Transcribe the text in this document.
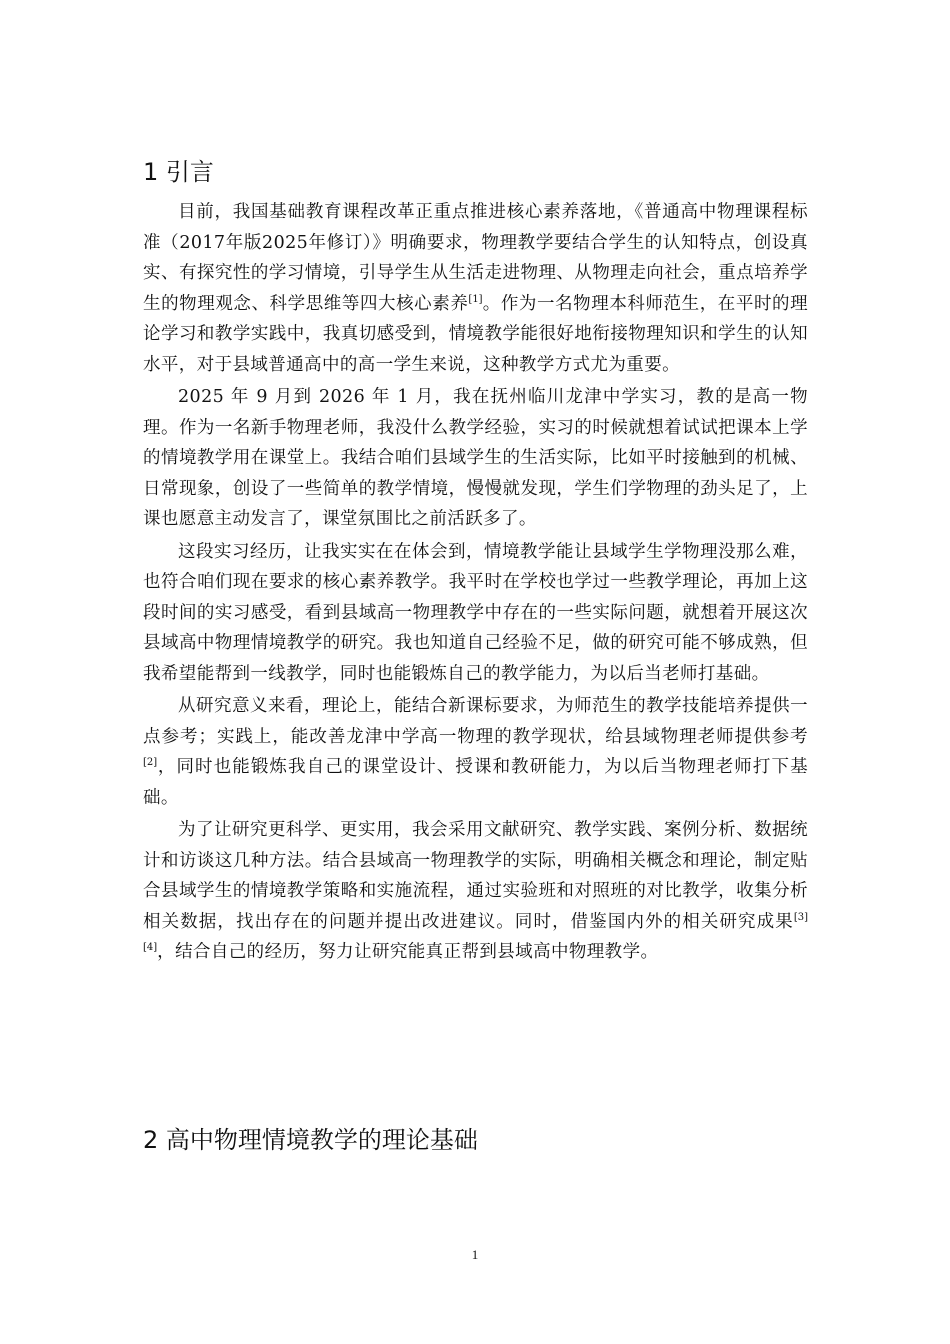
1 引言

目前，我国基础教育课程改革正重点推进核心素养落地，《普通高中物理课程标准（2017年版2025年修订）》明确要求，物理教学要结合学生的认知特点，创设真实、有探究性的学习情境，引导学生从生活走进物理、从物理走向社会，重点培养学生的物理观念、科学思维等四大核心素养[1]。作为一名物理本科师范生，在平时的理论学习和教学实践中，我真切感受到，情境教学能很好地衔接物理知识和学生的认知水平，对于县域普通高中的高一学生来说，这种教学方式尤为重要。

2025 年 9 月到 2026 年 1 月，我在抚州临川龙津中学实习，教的是高一物理。作为一名新手物理老师，我没什么教学经验，实习的时候就想着试试把课本上学的情境教学用在课堂上。我结合咱们县域学生的生活实际，比如平时接触到的机械、日常现象，创设了一些简单的教学情境，慢慢就发现，学生们学物理的劲头足了，上课也愿意主动发言了，课堂氛围比之前活跃多了。

这段实习经历，让我实实在在体会到，情境教学能让县域学生学物理没那么难，也符合咱们现在要求的核心素养教学。我平时在学校也学过一些教学理论，再加上这段时间的实习感受，看到县域高一物理教学中存在的一些实际问题，就想着开展这次县域高中物理情境教学的研究。我也知道自己经验不足，做的研究可能不够成熟，但我希望能帮到一线教学，同时也能锻炼自己的教学能力，为以后当老师打基础。

从研究意义来看，理论上，能结合新课标要求，为师范生的教学技能培养提供一点参考；实践上，能改善龙津中学高一物理的教学现状，给县域物理老师提供参考[2]，同时也能锻炼我自己的课堂设计、授课和教研能力，为以后当物理老师打下基础。

为了让研究更科学、更实用，我会采用文献研究、教学实践、案例分析、数据统计和访谈这几种方法。结合县域高一物理教学的实际，明确相关概念和理论，制定贴合县域学生的情境教学策略和实施流程，通过实验班和对照班的对比教学，收集分析相关数据，找出存在的问题并提出改进建议。同时，借鉴国内外的相关研究成果[3][4]，结合自己的经历，努力让研究能真正帮到县域高中物理教学。

2 高中物理情境教学的理论基础
1
